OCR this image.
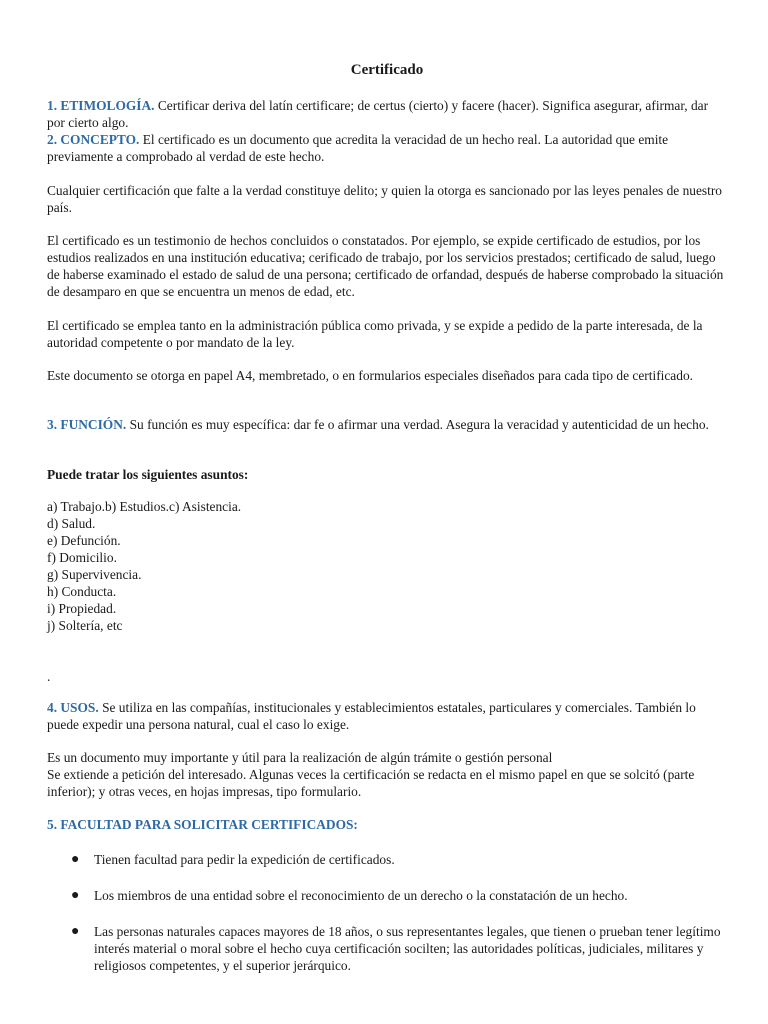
Certificado
1. ETIMOLOGÍA. Certificar deriva del latín certificare; de certus (cierto) y facere (hacer). Significa asegurar, afirmar, dar por cierto algo.
2. CONCEPTO. El certificado es un documento que acredita la veracidad de un hecho real. La autoridad que emite previamente a comprobado al verdad de este hecho.
Cualquier certificación que falte a la verdad constituye delito; y quien la otorga es sancionado por las leyes penales de nuestro país.
El certificado es un testimonio de hechos concluidos o constatados. Por ejemplo, se expide certificado de estudios, por los estudios realizados en una institución educativa; cerificado de trabajo, por los servicios prestados; certificado de salud, luego de haberse examinado el estado de salud de una persona; certificado de orfandad, después de haberse comprobado la situación de desamparo en que se encuentra un menos de edad, etc.
El certificado se emplea tanto en la administración pública como privada, y se expide a pedido de la parte interesada, de la autoridad competente o por mandato de la ley.
Este documento se otorga en papel A4, membretado, o en formularios especiales diseñados para cada tipo de certificado.
3. FUNCIÓN. Su función es muy específica: dar fe o afirmar una verdad. Asegura la veracidad y autenticidad de un hecho.
Puede tratar los siguientes asuntos:
a) Trabajo.b) Estudios.c) Asistencia.
d) Salud.
e) Defunción.
f) Domicilio.
g) Supervivencia.
h) Conducta.
i) Propiedad.
j) Soltería, etc
.
4. USOS. Se utiliza en las compañías, institucionales y establecimientos estatales, particulares y comerciales. También lo puede expedir una persona natural, cual el caso lo exige.
Es un documento muy importante y útil para la realización de algún trámite o gestión personal
Se extiende a petición del interesado. Algunas veces la certificación se redacta en el mismo papel en que se solcitó (parte inferior); y otras veces, en hojas impresas, tipo formulario.
5. FACULTAD PARA SOLICITAR CERTIFICADOS:
● Tienen facultad para pedir la expedición de certificados.
● Los miembros de una entidad sobre el reconocimiento de un derecho o la constatación de un hecho.
● Las personas naturales capaces mayores de 18 años, o sus representantes legales, que tienen o prueban tener legítimo interés material o moral sobre el hecho cuya certificación socilten; las autoridades políticas, judiciales, militares y religiosos competentes, y el superior jerárquico.
